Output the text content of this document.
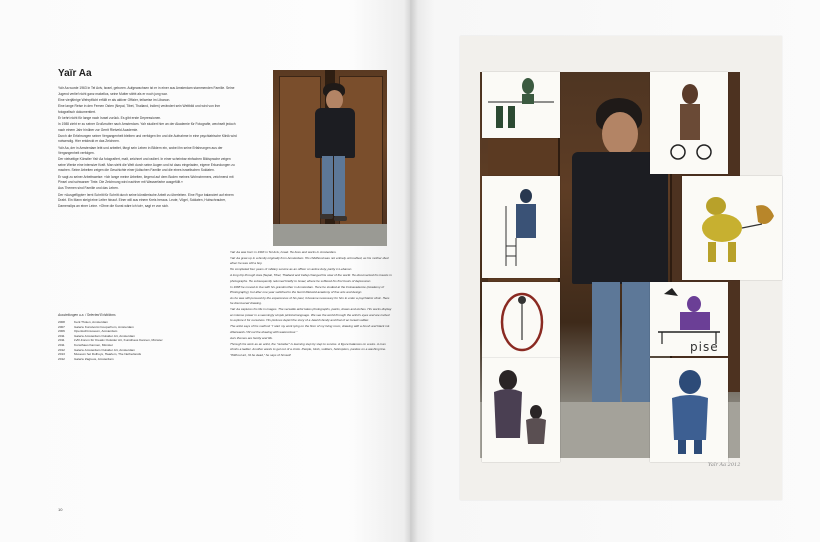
Yaïr Aa

Yaïr Aa wurde 1963 in Tel Aviv, Israel, geboren. Aufgewachsen ist er in einer aus Amsterdam stammenden Familie. Seine Jugend verlief nicht ganz makellos, seine Mutter stirbt als er noch jung war.

Eine vierjährige Wehrpflicht erfüllt er als aktiver Offizier, teilweise im Libanon.

Eine lange Reise in den Fernen Osten (Nepal, Tibet, Thailand, Indien) verändert sein Weltbild und wird von ihm fotografisch dokumentiert.

Er kehrt nicht für lange nach Israel zurück. Es gibt erste Depressionen.

In 1988 zieht er zu seiner Großmutter nach Amsterdam. Yaïr studiert hier an der Akademie für Fotografie, wechselt jedoch nach einem Jahr hinüber zur Gerrit Rietveld Academie.

Durch die Erfahrungen seiner Vergangenheit bleiben und verfolgen ihn und die Aufnahme in eine psychiatrische Klinik wird notwendig. Hier entdeckt er das Zeichnen.

Yaïr Aa, der in Amsterdam lebt und arbeitet, fängt sein Leben in Bildern ein, wobei ihn seine Erfahrungen aus der Vergangenheit verfolgen.

Der vielseitige Künstler Yaïr Aa fotografiert, malt, zeichnet und radiert. In einer scheinbar einfachen Bildsprache zeigen seine Werke eine intensive Kraft. Man sieht die Welt durch seine Augen und ist dazu eingeladen, eigene Erkundungen zu machen. Seine Arbeiten zeigen die Geschichte einer jüdischen Familie und die eines israelischen Soldaten.

Er sagt zu seiner Arbeitsweise: »Ich lange meine Arbeiten, liegend auf dem Boden meines Wohnzimmers, zeichnend mit Pinsel und schwarzer Tinte. Die Zeichnung wird nachher mit Wasserfarbe ausgefüllt.«

Aus Themen sind Familie und das Leben.

Der »Ausgeflippte« lernt Schritt für Schritt durch seine künstlerische Arbeit zu überleben. Eine Figur balanciert auf einem Draht. Ein Mann steigt eine Leiter hinauf. Einer will aus einem Kreis heraus. Leute, Vögel, Soldaten, Hubschrauber, Damenslips an einer Leine. »Ohne die Kunst wäre ich tot«, sagt er von sich.

Ausstellungen u.a. / Selected Exhibitions
2008	Kerk Tholen, Amsterdam
2007	Galerie Kunstvorst Cooperhom, Amsterdam
2006	Openluchtmuseum, Amsterdam
2011	Galerie Amsterdam Outsider Art, Amsterdam
2011	LVR-Forum für Kreativ Outsider Art, Kunsthaus Kannen, Münster
2011	Kunsthaus Kannen, Münster
2012	Galerie Amsterdam Outsider Art, Amsterdam
2013	Museum het Dolhuys, Haarlem, The Netherlands
2012	Galerie Zagreus, Amsterdam
10

Yaïr Aa was born in 1963 in Tel Aviv, Israel. He lives and works in Amsterdam.

Yaïr Aa grew up in a family originally from Amsterdam. His childhood was not entirely untroubled, as his mother died when he was still a boy.

He completed four years of military service as an officer on active duty, partly in Lebanon.

A long trip through Asia (Nepal, Tibet, Thailand and India) changed his view of the world. He documented his travels in photographs. He subsequently returned briefly to Israel, where he suffered his first bouts of depression.

In 1988 he moved to live with his grandmother in Amsterdam. Here he studied at the Fotoacademie (Academy of Photography), but after one year switched to the Gerrit Rietveld academy of fine arts and design.

As he was still pursued by the experiences of his past, it became necessary for him to enter a psychiatric clinic. Here he discovered drawing.

Yaïr Aa captures his life in images. The versatile artist takes photographs, paints, draws and etches. His works display an intense power in a seemingly simple pictorial language. We see the world through the artist's eyes and are invited to explore it for ourselves. His pictures depict the story of a Jewish family and that of an Israeli soldier.

The artist says of his method: "I start my work lying on the floor of my living room, drawing with a brush and black ink. Afterwards I fill out the drawing with watercolour."

Aa's themes are family and life.

Through his work as an artist, the "outsider" is learning step by step to survive. A figure balances on a wire. A man climbs a ladder. Another wants to get out of a circle. People, birds, soldiers, helicopters, panties on a washing line. "Without art, I'd be dead," he says of himself.

pise
Yaïr Aa 2012
